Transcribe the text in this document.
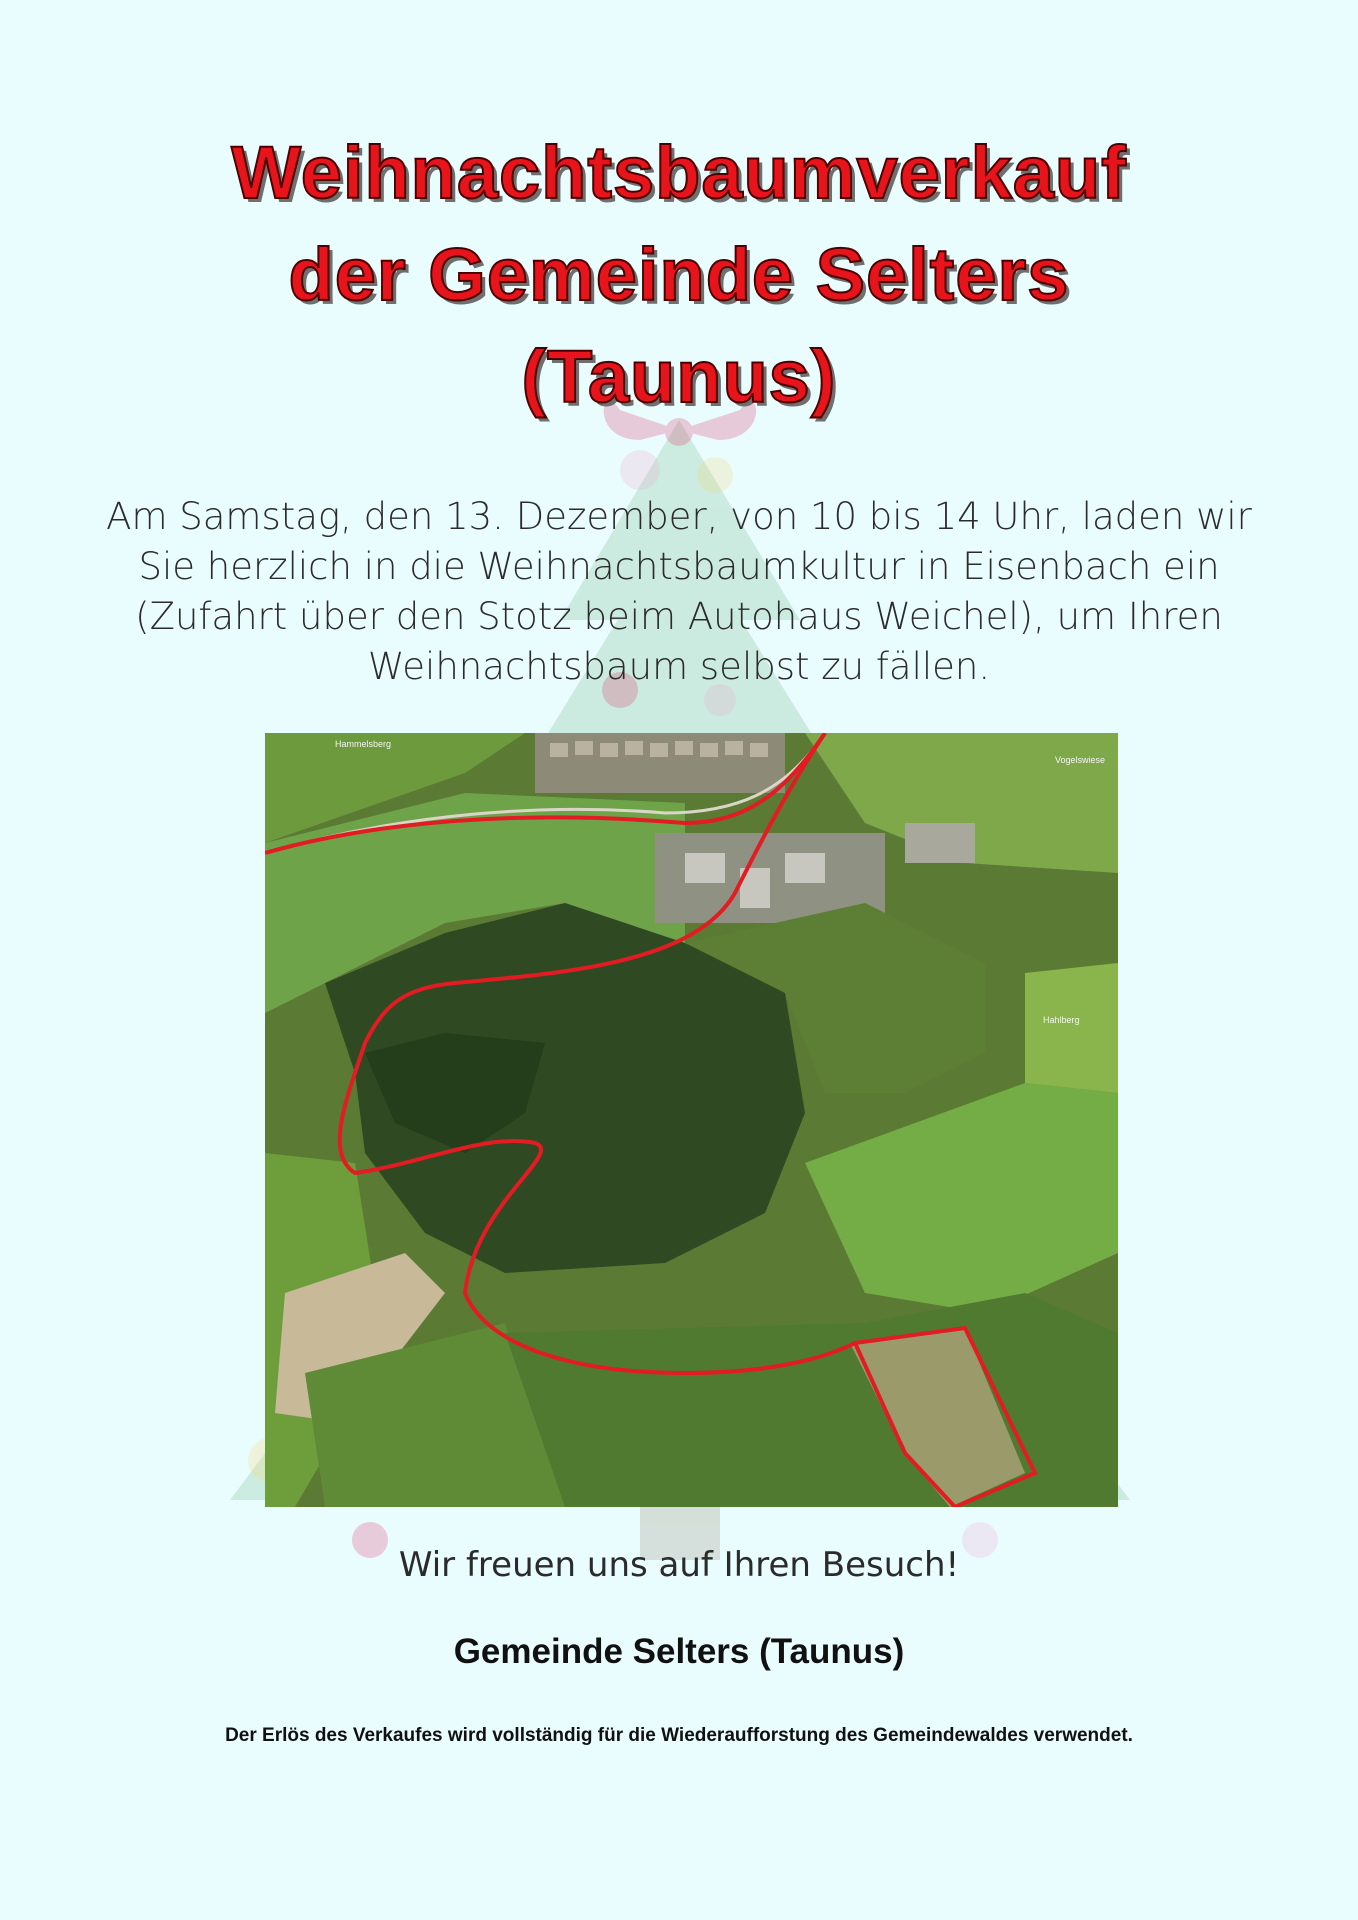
Weihnachtsbaumverkauf
der Gemeinde Selters
(Taunus)
Am Samstag, den 13. Dezember, von 10 bis 14 Uhr, laden wir Sie herzlich in die Weihnachtsbaumkultur in Eisenbach ein (Zufahrt über den Stotz beim Autohaus Weichel), um Ihren Weihnachtsbaum selbst zu fällen.
Hammelsberg
Vogelswiese
Hahlberg
Wir freuen uns auf Ihren Besuch!
Gemeinde Selters (Taunus)
Der Erlös des Verkaufes wird vollständig für die Wiederaufforstung des Gemeindewaldes verwendet.
